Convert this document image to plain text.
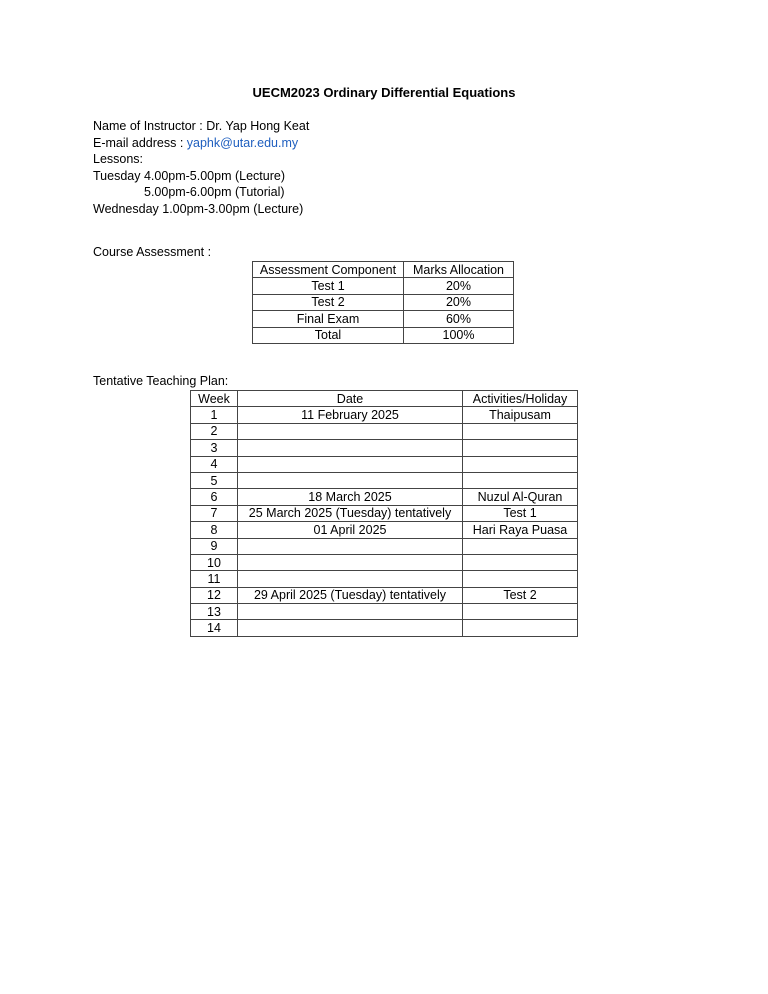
UECM2023 Ordinary Differential Equations
Name of Instructor : Dr. Yap Hong Keat
E-mail address : yaphk@utar.edu.my
Lessons:
Tuesday 4.00pm-5.00pm (Lecture)
5.00pm-6.00pm (Tutorial)
Wednesday 1.00pm-3.00pm (Lecture)
Course Assessment :
Assessment Component	Marks Allocation
Test 1	20%
Test 2	20%
Final Exam	60%
Total	100%
Tentative Teaching Plan:
Week	Date	Activities/Holiday
1	11 February 2025	Thaipusam
2		
3		
4		
5		
6	18 March 2025	Nuzul Al-Quran
7	25 March 2025 (Tuesday) tentatively	Test 1
8	01 April 2025	Hari Raya Puasa
9		
10		
11		
12	29 April 2025 (Tuesday) tentatively	Test 2
13		
14		
